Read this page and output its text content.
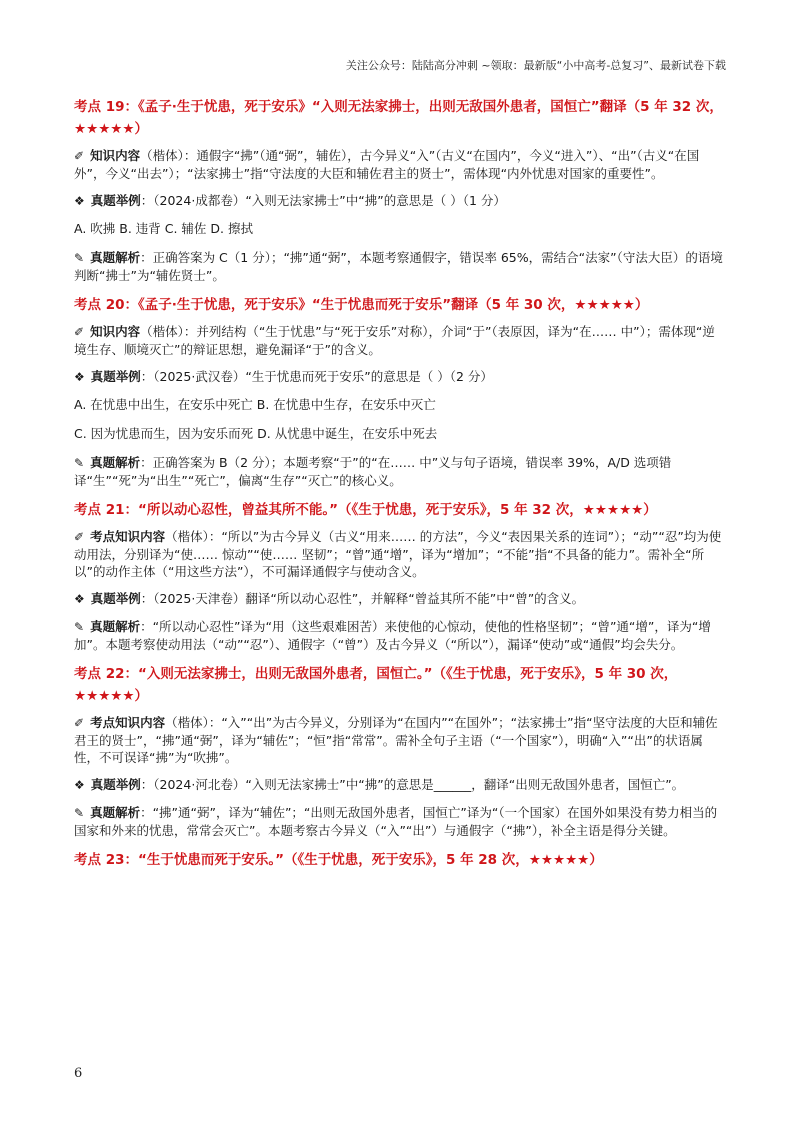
关注公众号：陆陆高分冲刺 ~领取：最新版“小中高考-总复习”、最新试卷下载
考点 19：《孟子·生于忧患，死于安乐》“入则无法家拂士，出则无敌国外患者，国恒亡”翻译（5 年 32 次，★★★★★）
✐ 知识内容（楷体）：通假字“拂”（通“弼”，辅佐），古今异义“入”（古义“在国内”，今义“进入”）、“出”（古义“在国外”，今义“出去”）；“法家拂士”指“守法度的大臣和辅佐君主的贤士”，需体现“内外忧患对国家的重要性”。
❖ 真题举例：（2024·成都卷）“入则无法家拂士”中“拂”的意思是（ ）（1 分）
A. 吹拂 B. 违背 C. 辅佐 D. 擦拭
✎ 真题解析：正确答案为 C（1 分）；“拂”通“弼”，本题考察通假字，错误率 65%，需结合“法家”（守法大臣）的语境判断“拂士”为“辅佐贤士”。
考点 20：《孟子·生于忧患，死于安乐》“生于忧患而死于安乐”翻译（5 年 30 次，★★★★★）
✐ 知识内容（楷体）：并列结构（“生于忧患”与“死于安乐”对称），介词“于”（表原因，译为“在…… 中”）；需体现“逆境生存、顺境灭亡”的辩证思想，避免漏译“于”的含义。
❖ 真题举例：（2025·武汉卷）“生于忧患而死于安乐”的意思是（ ）（2 分）
A. 在忧患中出生，在安乐中死亡 B. 在忧患中生存，在安乐中灭亡
C. 因为忧患而生，因为安乐而死 D. 从忧患中诞生，在安乐中死去
✎ 真题解析：正确答案为 B（2 分）；本题考察“于”的“在…… 中”义与句子语境，错误率 39%，A/D 选项错译“生”“死”为“出生”“死亡”，偏离“生存”“灭亡”的核心义。
考点 21：“所以动心忍性，曾益其所不能。”（《生于忧患，死于安乐》，5 年 32 次，★★★★★）
✐ 考点知识内容（楷体）：“所以”为古今异义（古义“用来…… 的方法”，今义“表因果关系的连词”）；“动”“忍”均为使动用法，分别译为“使…… 惊动”“使…… 坚韧”；“曾”通“增”，译为“增加”；“不能”指“不具备的能力”。需补全“所以”的动作主体（“用这些方法”），不可漏译通假字与使动含义。
❖ 真题举例：（2025·天津卷）翻译“所以动心忍性”，并解释“曾益其所不能”中“曾”的含义。
✎ 真题解析：“所以动心忍性”译为“用（这些艰难困苦）来使他的心惊动，使他的性格坚韧”；“曾”通“增”，译为“增加”。本题考察使动用法（“动”“忍”）、通假字（“曾”）及古今异义（“所以”），漏译“使动”或“通假”均会失分。
考点 22：“入则无法家拂士，出则无敌国外患者，国恒亡。”（《生于忧患，死于安乐》，5 年 30 次，★★★★★）
✐ 考点知识内容（楷体）：“入”“出”为古今异义，分别译为“在国内”“在国外”；“法家拂士”指“坚守法度的大臣和辅佐君王的贤士”，“拂”通“弼”，译为“辅佐”；“恒”指“常常”。需补全句子主语（“一个国家”），明确“入”“出”的状语属性，不可误译“拂”为“吹拂”。
❖ 真题举例：（2024·河北卷）“入则无法家拂士”中“拂”的意思是______，翻译“出则无敌国外患者，国恒亡”。
✎ 真题解析：“拂”通“弼”，译为“辅佐”；“出则无敌国外患者，国恒亡”译为“（一个国家）在国外如果没有势力相当的国家和外来的忧患，常常会灭亡”。本题考察古今异义（“入”“出”）与通假字（“拂”），补全主语是得分关键。
考点 23：“生于忧患而死于安乐。”（《生于忧患，死于安乐》，5 年 28 次，★★★★★）
6
